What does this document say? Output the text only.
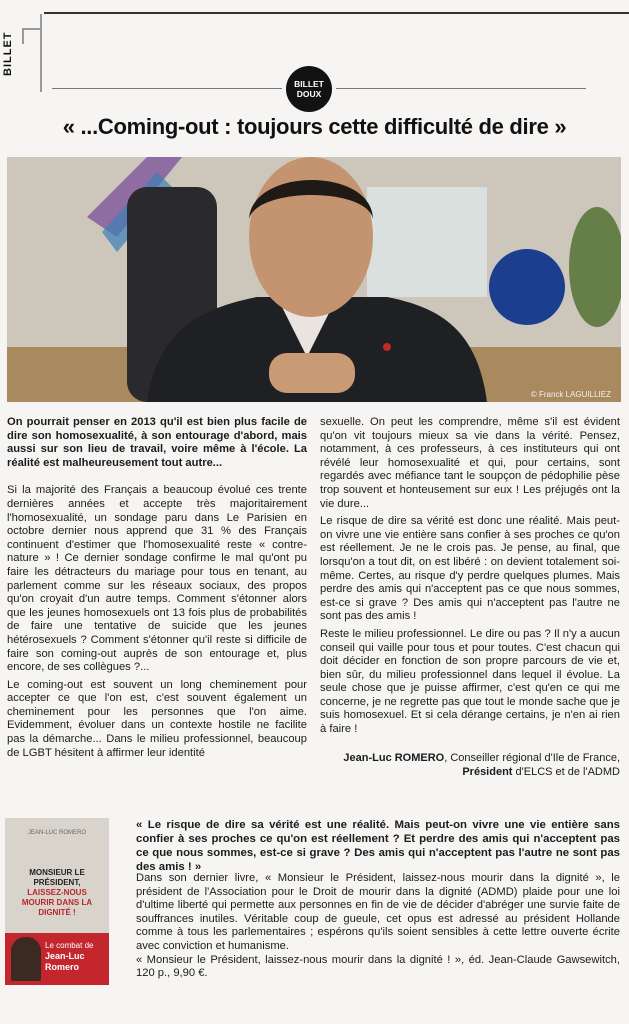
BILLET
BILLET
DOUX
« ...Coming-out : toujours cette difficulté de dire »
© Franck LAGUILLIEZ

On pourrait penser en 2013 qu'il est bien plus facile de dire son homosexualité, à son entourage d'abord, mais aussi sur son lieu de travail, voire même à l'école. La réalité est malheureusement tout autre...

Si la majorité des Français a beaucoup évolué ces trente dernières années et accepte très majoritairement l'homosexualité, un sondage paru dans Le Parisien en octobre dernier nous apprend que 31 % des Français continuent d'estimer que l'homosexualité reste « contre-nature » ! Ce dernier sondage confirme le mal qu'ont pu faire les détracteurs du mariage pour tous en tenant, au parlement comme sur les réseaux sociaux, des propos qu'on croyait d'un autre temps. Comment s'étonner alors que les jeunes homosexuels ont 13 fois plus de probabilités de faire une tentative de suicide que les jeunes hétérosexuels ? Comment s'étonner qu'il reste si difficile de faire son coming-out auprès de son entourage et, plus encore, de ses collègues ?...

Le coming-out est souvent un long cheminement pour accepter ce que l'on est, c'est souvent également un cheminement pour les personnes que l'on aime. Evidemment, évoluer dans un contexte hostile ne facilite pas la démarche... Dans le milieu professionnel, beaucoup de LGBT hésitent à affirmer leur identité

sexuelle. On peut les comprendre, même s'il est évident qu'on vit toujours mieux sa vie dans la vérité. Pensez, notamment, à ces professeurs, à ces instituteurs qui ont révélé leur homosexualité et qui, pour certains, sont regardés avec méfiance tant le soupçon de pédophilie pèse trop souvent et honteusement sur eux ! Les préjugés ont la vie dure...

Le risque de dire sa vérité est donc une réalité. Mais peut-on vivre une vie entière sans confier à ses proches ce qu'on est réellement. Je ne le crois pas. Je pense, au final, que lorsqu'on a tout dit, on est libéré : on devient totalement soi-même. Certes, au risque d'y perdre quelques plumes. Mais perdre des amis qui n'acceptent pas ce que nous sommes, est-ce si grave ? Des amis qui n'acceptent pas l'autre ne sont pas des amis !

Reste le milieu professionnel. Le dire ou pas ? Il n'y a aucun conseil qui vaille pour tous et pour toutes. C'est chacun qui doit décider en fonction de son propre parcours de vie et, bien sûr, du milieu professionnel dans lequel il évolue. La seule chose que je puisse affirmer, c'est qu'en ce qui me concerne, je ne regrette pas que tout le monde sache que je suis homosexuel. Et si cela dérange certains, je n'en ai rien à faire !

Jean-Luc ROMERO, Conseiller régional d'Ile de France,
Président d'ELCS et de l'ADMD
JEAN-LUC ROMERO
MONSIEUR LE PRÉSIDENT,
LAISSEZ-NOUS MOURIR DANS LA DIGNITÉ !
Le combat de
Jean-Luc Romero
« Le risque de dire sa vérité est une réalité. Mais peut-on vivre une vie entière sans confier à ses proches ce qu'on est réellement ? Et perdre des amis qui n'acceptent pas ce que nous sommes, est-ce si grave ? Des amis qui n'acceptent pas l'autre ne sont pas des amis ! »

Dans son dernier livre, « Monsieur le Président, laissez-nous mourir dans la dignité », le président de l'Association pour le Droit de mourir dans la dignité (ADMD) plaide pour une loi d'ultime liberté qui permette aux personnes en fin de vie de décider d'abréger une survie faite de souffrances inutiles. Véritable coup de gueule, cet opus est adressé au président Hollande comme à tous les parlementaires ; espérons qu'ils soient sensibles à cette lettre ouverte écrite avec conviction et humanisme.

« Monsieur le Président, laissez-nous mourir dans la dignité ! », éd. Jean-Claude Gawsewitch, 120 p., 9,90 €.
